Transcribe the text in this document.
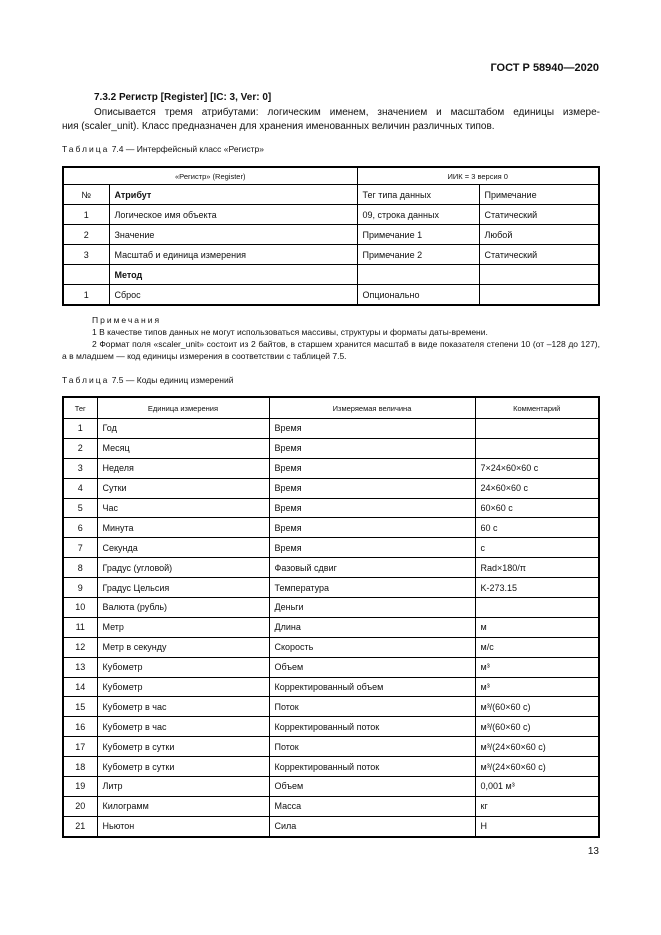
ГОСТ Р 58940—2020
7.3.2 Регистр [Register] [IC: 3, Ver: 0]
Описывается тремя атрибутами: логическим именем, значением и масштабом единицы измере-
ния (scaler_unit). Класс предназначен для хранения именованных величин различных типов.
Таблица 7.4 — Интерфейсный класс «Регистр»
«Регистр» (Register)		ИИК = 3 версия 0	
№	Атрибут	Тег типа данных	Примечание
1	Логическое имя объекта	09, строка данных	Статический
2	Значение	Примечание 1	Любой
3	Масштаб и единица измерения	Примечание 2	Статический
	Метод		
1	Сброс	Опционально	
Примечания
1 В качестве типов данных не могут использоваться массивы, структуры и форматы даты-времени.
2 Формат поля «scaler_unit» состоит из 2 байтов, в старшем хранится масштаб в виде показателя степени 10 (от –128 до 127), а в младшем — код единицы измерения в соответствии с таблицей 7.5.
Таблица 7.5 — Коды единиц измерений
Тег	Единица измерения	Измеряемая величина	Комментарий
1	Год	Время	
2	Месяц	Время	
3	Неделя	Время	7×24×60×60 с
4	Сутки	Время	24×60×60 с
5	Час	Время	60×60 с
6	Минута	Время	60 с
7	Секунда	Время	с
8	Градус (угловой)	Фазовый сдвиг	Rad×180/π
9	Градус Цельсия	Температура	K-273.15
10	Валюта (рубль)	Деньги	
11	Метр	Длина	м
12	Метр в секунду	Скорость	м/с
13	Кубометр	Объем	м³
14	Кубометр	Корректированный объем	м³
15	Кубометр в час	Поток	м³/(60×60 с)
16	Кубометр в час	Корректированный поток	м³/(60×60 с)
17	Кубометр в сутки	Поток	м³/(24×60×60 с)
18	Кубометр в сутки	Корректированный поток	м³/(24×60×60 с)
19	Литр	Объем	0,001 м³
20	Килограмм	Масса	кг
21	Ньютон	Сила	Н
13
